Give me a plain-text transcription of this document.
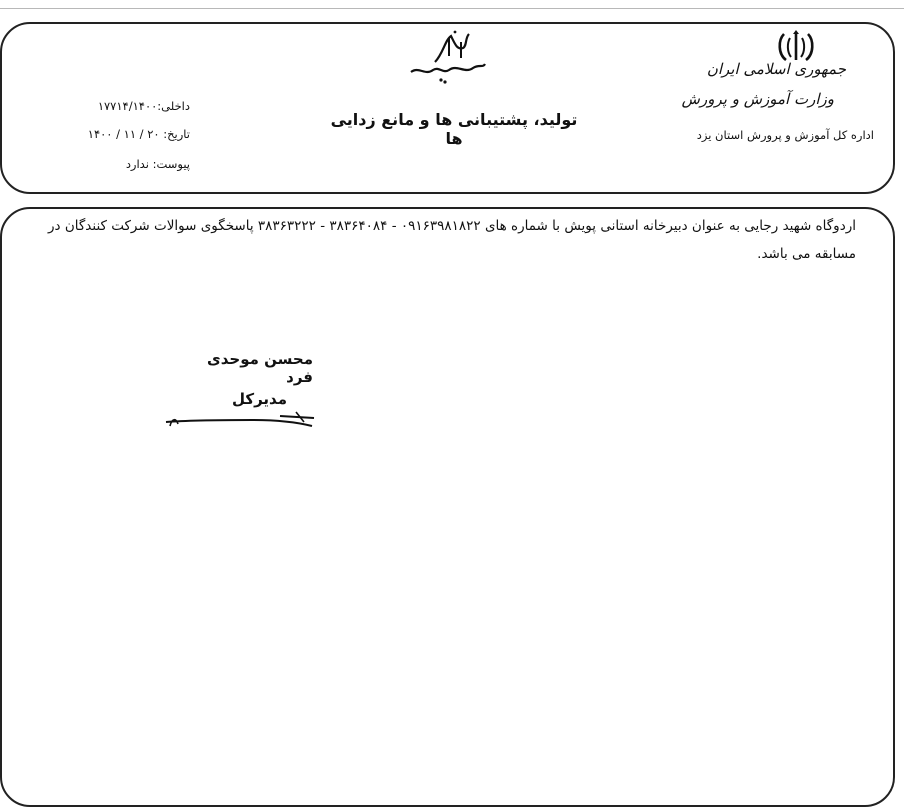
جمهوری اسلامی ایران
وزارت آموزش و پرورش
اداره کل آموزش و پرورش استان یزد
تولید، پشتیبانی ها و مانع زدایی ها
داخلی:۱۷۷۱۴/۱۴۰۰
تاریخ: ۲۰ / ۱۱ / ۱۴۰۰
پیوست: ندارد
اردوگاه شهید رجایی به عنوان دبیرخانه استانی پویش با شماره های ۰۹۱۶۳۹۸۱۸۲۲ - ۳۸۳۶۴۰۸۴ - ۳۸۳۶۳۲۲۲ پاسخگوی سوالات شرکت کنندگان در مسابقه می باشد.
محسن موحدی فرد
مدیرکل
